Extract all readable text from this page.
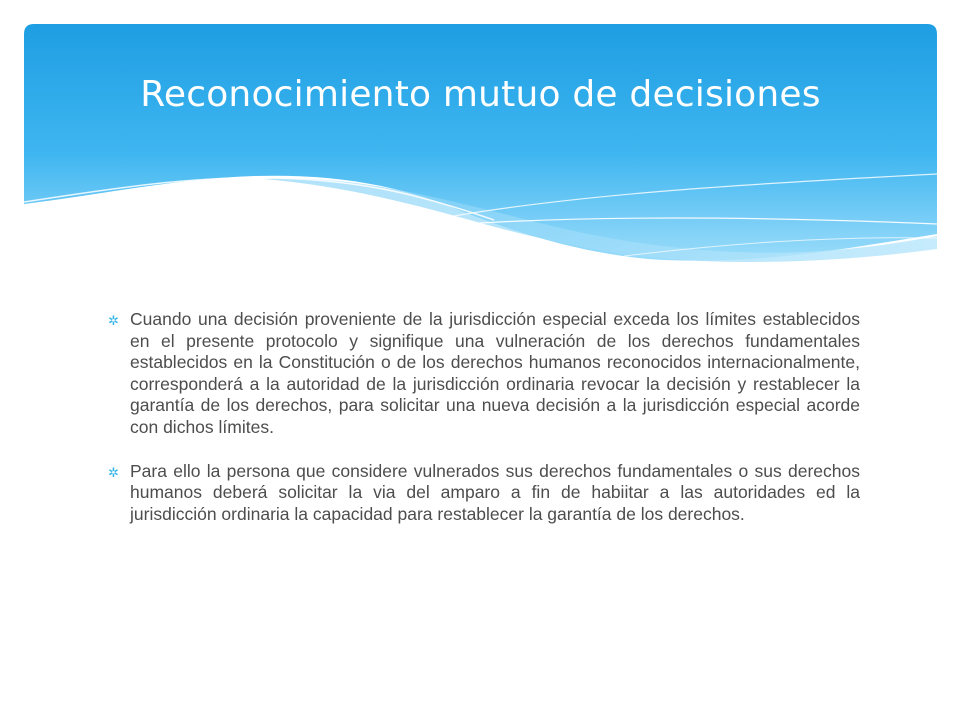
Reconocimiento mutuo de decisiones
✲ Cuando una decisión proveniente de la jurisdicción especial exceda los límites establecidos en el presente protocolo y signifique una vulneración de los derechos fundamentales establecidos en la Constitución o de los derechos humanos reconocidos internacionalmente, corresponderá a la autoridad de la jurisdicción ordinaria revocar la decisión y restablecer la garantía de los derechos, para solicitar una nueva decisión a la jurisdicción especial acorde con dichos límites.
✲ Para ello la persona que considere vulnerados sus derechos fundamentales o sus derechos humanos deberá solicitar la via del amparo a fin de habiitar a las autoridades ed la jurisdicción ordinaria la capacidad para restablecer la garantía de los derechos.
